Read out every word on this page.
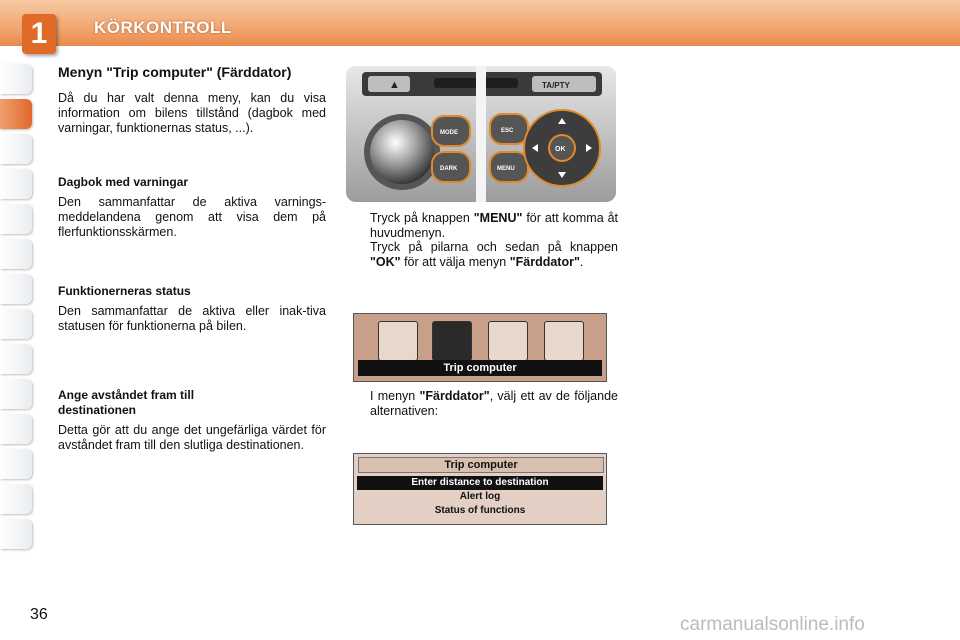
1	KÖRKONTROLL
Menyn "Trip computer" (Färddator)

Då du har valt denna meny, kan du visa information om bilens tillstånd (dagbok med varningar, funktionernas status, ...).

Dagbok med varningar

Den sammanfattar de aktiva varnings-meddelandena genom att visa dem på flerfunktionsskärmen.

Funktionerneras status

Den sammanfattar de aktiva eller inak-tiva statusen för funktionerna på bilen.

Ange avståndet fram till destinationen

Detta gör att du ange det ungefärliga värdet för avståndet fram till den slutliga destinationen.

▲	TA/PTY
MODE
DARK
ESC
MENU
OK
Tryck på knappen "MENU" för att komma åt huvudmenyn.
Tryck på pilarna och sedan på knappen "OK" för att välja menyn "Färddator".
Trip computer
I menyn "Färddator", välj ett av de följande alternativen:
Trip computer
Enter distance to destination
Alert log
Status of functions
36	carmanualsonline.info
